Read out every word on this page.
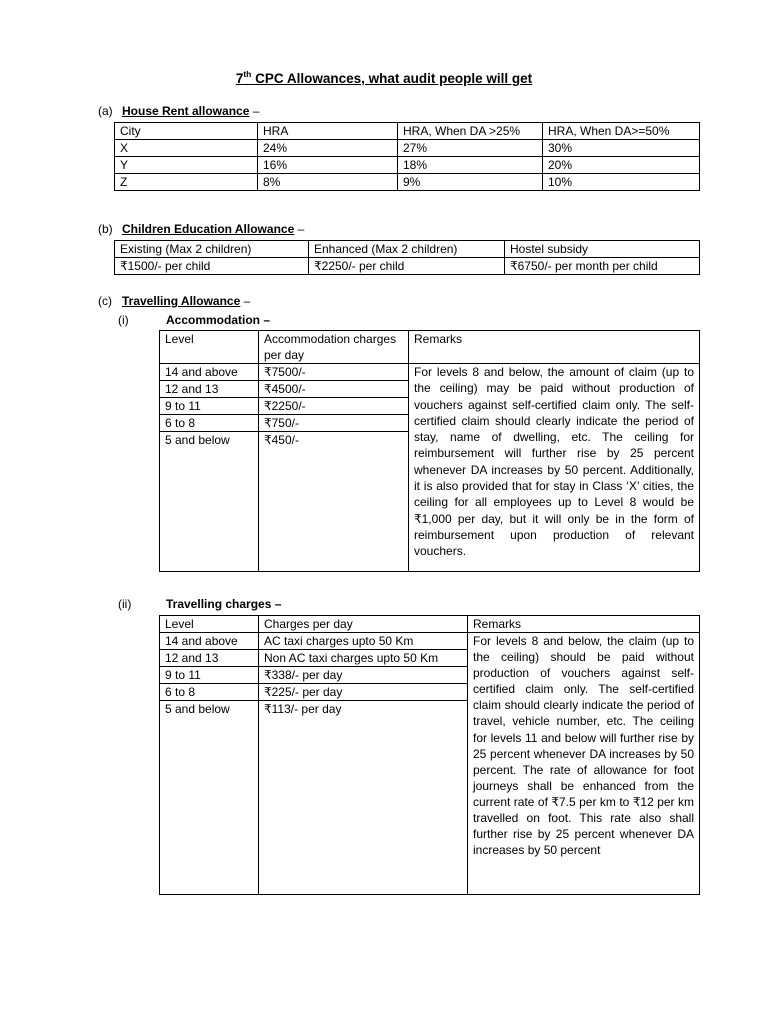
7th CPC Allowances, what audit people will get
(a) House Rent allowance –
City	HRA	HRA, When DA >25%	HRA, When DA>=50%
X	24%	27%	30%
Y	16%	18%	20%
Z	8%	9%	10%
(b) Children Education Allowance –
Existing (Max 2 children)	Enhanced (Max 2 children)	Hostel subsidy
₹1500/- per child	₹2250/- per child	₹6750/- per month per child
(c) Travelling Allowance –
(i)	Accommodation –
Level	Accommodation charges per day	Remarks
14 and above	₹7500/-	For levels 8 and below, the amount of claim (up to the ceiling) may be paid without production of vouchers against self-certified claim only. The self-certified claim should clearly indicate the period of stay, name of dwelling, etc. The ceiling for reimbursement will further rise by 25 percent whenever DA increases by 50 percent. Additionally, it is also provided that for stay in Class ‘X’ cities, the ceiling for all employees up to Level 8 would be ₹1,000 per day, but it will only be in the form of reimbursement upon production of relevant vouchers.
12 and 13	₹4500/-	
9 to 11	₹2250/-	
6 to 8	₹750/-	
5 and below	₹450/-	
(ii)	Travelling charges –
Level	Charges per day	Remarks
14 and above	AC taxi charges upto 50 Km	For levels 8 and below, the claim (up to the ceiling) should be paid without production of vouchers against self-certified claim only. The self-certified claim should clearly indicate the period of travel, vehicle number, etc. The ceiling for levels 11 and below will further rise by 25 percent whenever DA increases by 50 percent. The rate of allowance for foot journeys shall be enhanced from the current rate of ₹7.5 per km to ₹12 per km travelled on foot. This rate also shall further rise by 25 percent whenever DA increases by 50 percent
12 and 13	Non AC taxi charges upto 50 Km	
9 to 11	₹338/- per day	
6 to 8	₹225/- per day	
5 and below	₹113/- per day	
